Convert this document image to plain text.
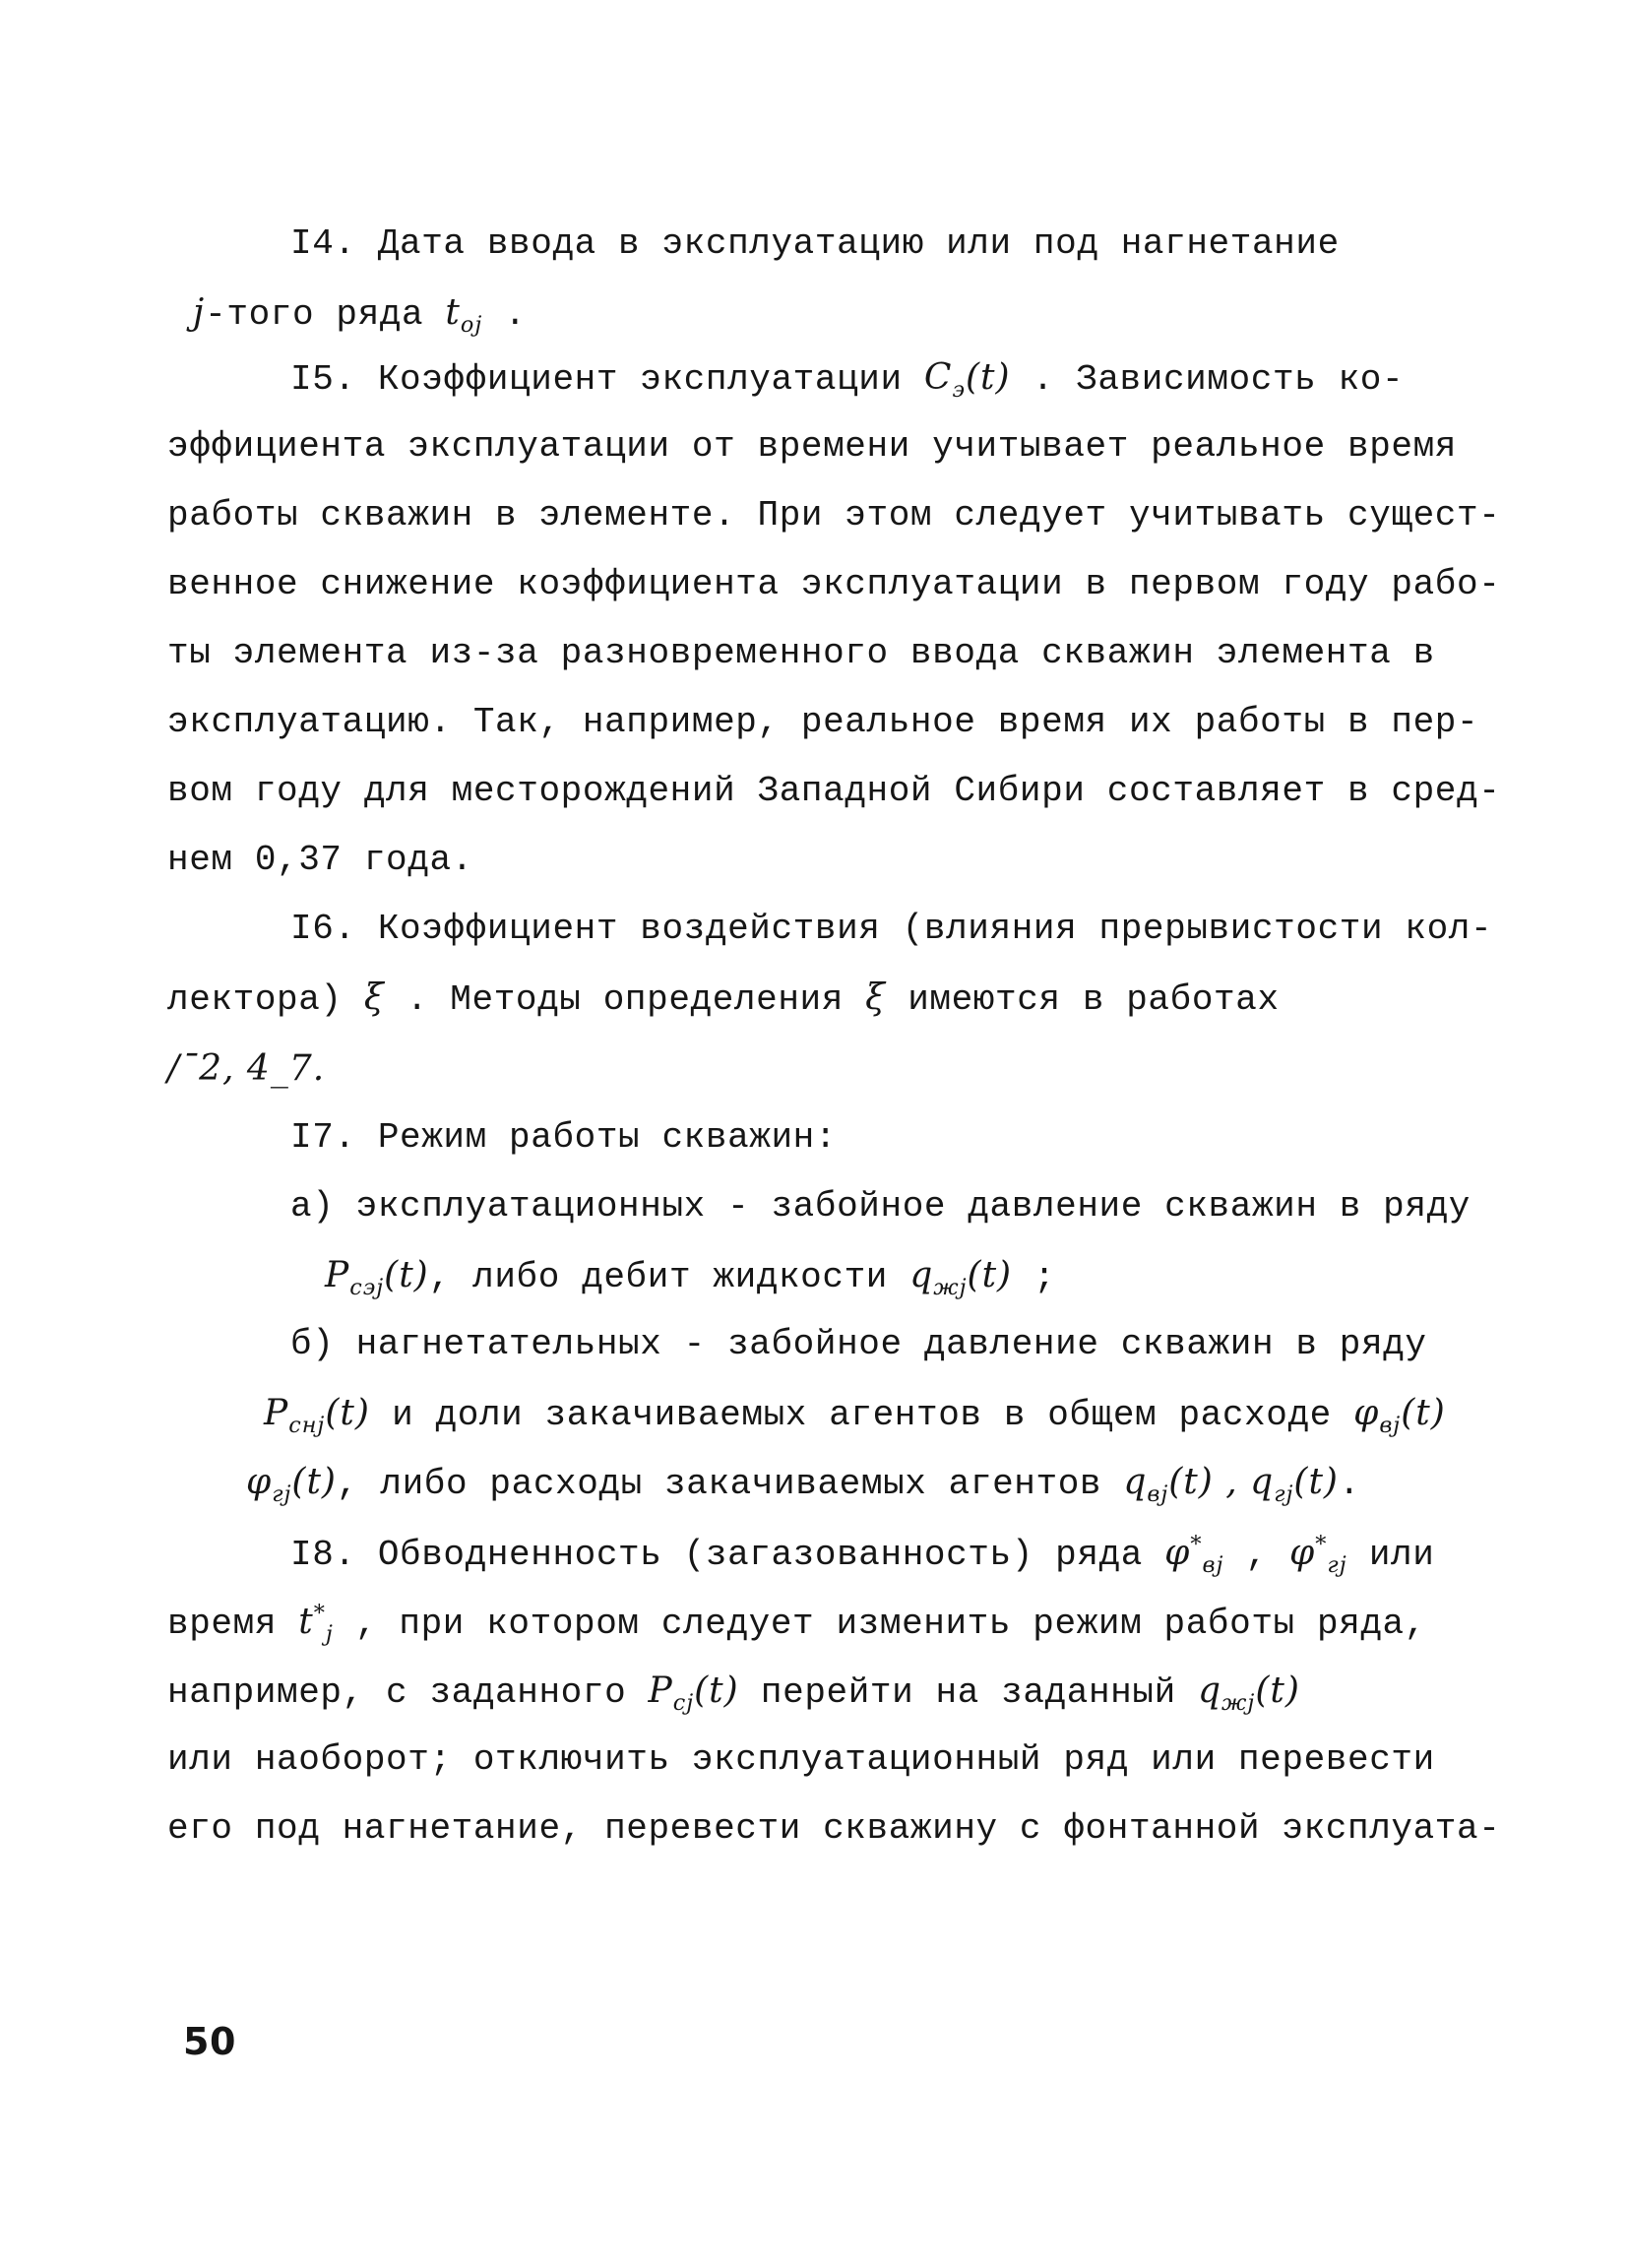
I4. Дата ввода в эксплуатацию или под нагнетание
j-того ряда $t_{oj}$ .
I5. Коэффициент эксплуатации $C_э(t)$ . Зависимость ко-
эффициента эксплуатации от времени учитывает реальное время
работы скважин в элементе. При этом следует учитывать сущест-
венное снижение коэффициента эксплуатации в первом году рабо-
ты элемента из-за разновременного ввода скважин элемента в
эксплуатацию. Так, например, реальное время их работы в пер-
вом году для месторождений Западной Сибири составляет в сред-
нем 0,37 года.
I6. Коэффициент воздействия (влияния прерывистости кол-
лектора) ξ . Методы определения ξ имеются в работах
/¯2, 4_7.
I7. Режим работы скважин:
а) эксплуатационных - забойное давление скважин в ряду
$P_{сэj}(t)$, либо дебит жидкости $q_{жj}(t)$ ;
б) нагнетательных - забойное давление скважин в ряду
$P_{снj}(t)$ и доли закачиваемых агентов в общем расходе $\varphi_{вj}(t)$
$\varphi_{гj}(t)$, либо расходы закачиваемых агентов $q_{вj}(t)$ , $q_{гj}(t)$.
I8. Обводненность (загазованность) ряда $\varphi^*_{вj}$ , $\varphi^*_{гj}$ или
время $t^*_j$ , при котором следует изменить режим работы ряда,
например, с заданного $P_{сj}(t)$ перейти на заданный $q_{жj}(t)$
или наоборот; отключить эксплуатационный ряд или перевести
его под нагнетание, перевести скважину с фонтанной эксплуата-
50
